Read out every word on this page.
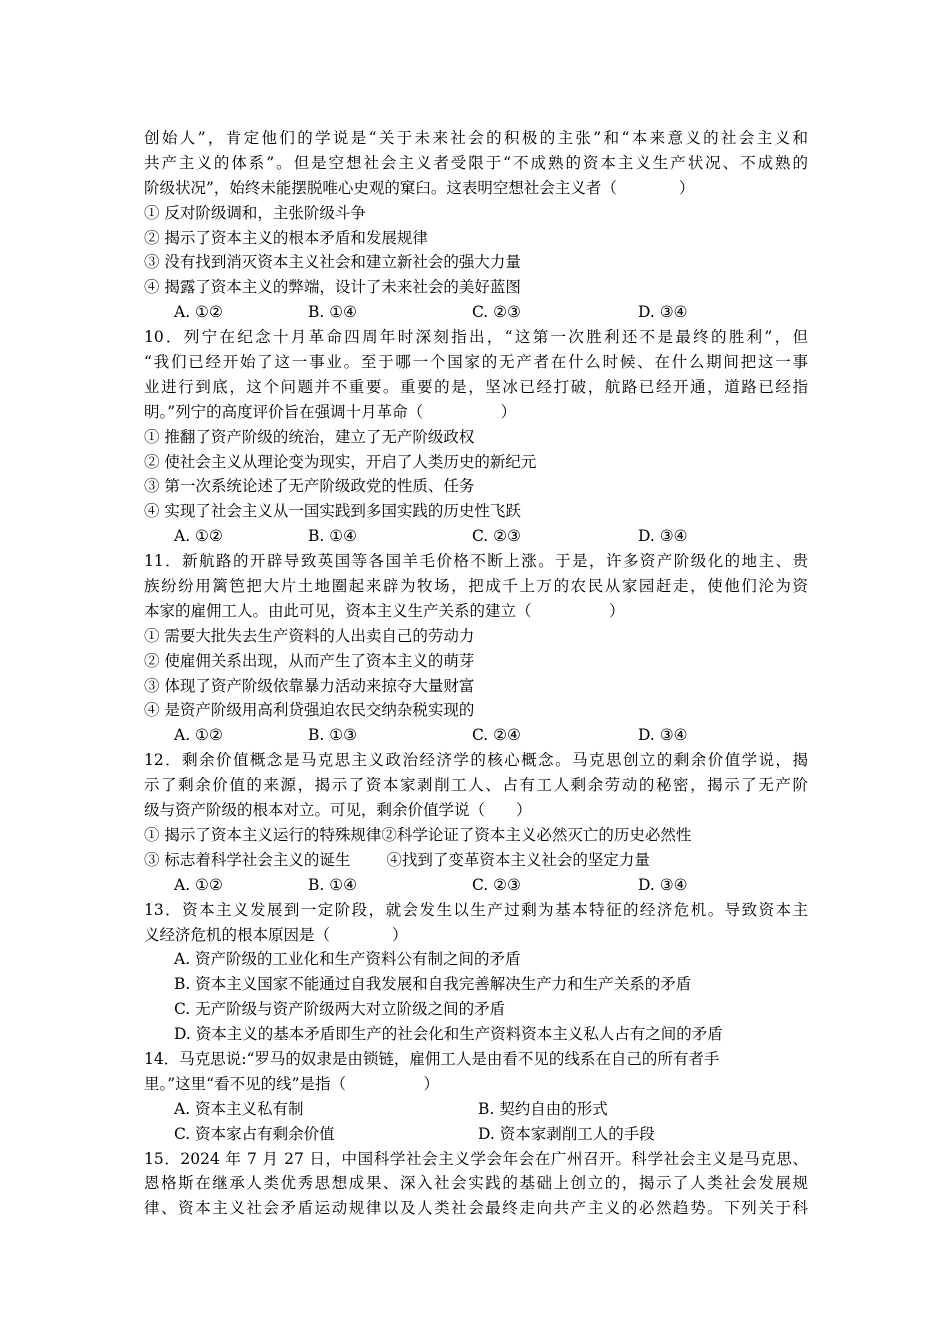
创始人”，肯定他们的学说是“关于未来社会的积极的主张”和“本来意义的社会主义和
共产主义的体系”。但是空想社会主义者受限于“不成熟的资本主义生产状况、不成熟的
阶级状况”，始终未能摆脱唯心史观的窠臼。这表明空想社会主义者（　　　　）
① 反对阶级调和，主张阶级斗争
② 揭示了资本主义的根本矛盾和发展规律
③ 没有找到消灭资本主义社会和建立新社会的强大力量
④ 揭露了资本主义的弊端，设计了未来社会的美好蓝图
A. ①②	B. ①④	C. ②③	D. ③④
10．列宁在纪念十月革命四周年时深刻指出，“这第一次胜利还不是最终的胜利”，但
“我们已经开始了这一事业。至于哪一个国家的无产者在什么时候、在什么期间把这一事
业进行到底，这个问题并不重要。重要的是，坚冰已经打破，航路已经开通，道路已经指
明。”列宁的高度评价旨在强调十月革命（　　　　　）
① 推翻了资产阶级的统治，建立了无产阶级政权
② 使社会主义从理论变为现实，开启了人类历史的新纪元
③ 第一次系统论述了无产阶级政党的性质、任务
④ 实现了社会主义从一国实践到多国实践的历史性飞跃
A. ①②	B. ①④	C. ②③	D. ③④
11．新航路的开辟导致英国等各国羊毛价格不断上涨。于是，许多资产阶级化的地主、贵
族纷纷用篱笆把大片土地圈起来辟为牧场，把成千上万的农民从家园赶走，使他们沦为资
本家的雇佣工人。由此可见，资本主义生产关系的建立（　　　　　）
① 需要大批失去生产资料的人出卖自己的劳动力
② 使雇佣关系出现，从而产生了资本主义的萌芽
③ 体现了资产阶级依靠暴力活动来掠夺大量财富
④ 是资产阶级用高利贷强迫农民交纳杂税实现的
A. ①②	B. ①③	C. ②④	D. ③④
12．剩余价值概念是马克思主义政治经济学的核心概念。马克思创立的剩余价值学说，揭
示了剩余价值的来源，揭示了资本家剥削工人、占有工人剩余劳动的秘密，揭示了无产阶
级与资产阶级的根本对立。可见，剩余价值学说（　　）
① 揭示了资本主义运行的特殊规律②科学论证了资本主义必然灭亡的历史必然性
③ 标志着科学社会主义的诞生　　 ④找到了变革资本主义社会的坚定力量
A. ①②	B. ①④	C. ②③	D. ③④
13．资本主义发展到一定阶段，就会发生以生产过剩为基本特征的经济危机。导致资本主
义经济危机的根本原因是（　　　　）
A. 资产阶级的工业化和生产资料公有制之间的矛盾
B. 资本主义国家不能通过自我发展和自我完善解决生产力和生产关系的矛盾
C. 无产阶级与资产阶级两大对立阶级之间的矛盾
D. 资本主义的基本矛盾即生产的社会化和生产资料资本主义私人占有之间的矛盾
14．马克思说:“罗马的奴隶是由锁链，雇佣工人是由看不见的线系在自己的所有者手
里。”这里“看不见的线”是指（　　　　　）
A. 资本主义私有制	B. 契约自由的形式
C. 资本家占有剩余价值	D. 资本家剥削工人的手段
15．2024 年 7 月 27 日，中国科学社会主义学会年会在广州召开。科学社会主义是马克思、
恩格斯在继承人类优秀思想成果、深入社会实践的基础上创立的，揭示了人类社会发展规
律、资本主义社会矛盾运动规律以及人类社会最终走向共产主义的必然趋势。下列关于科
